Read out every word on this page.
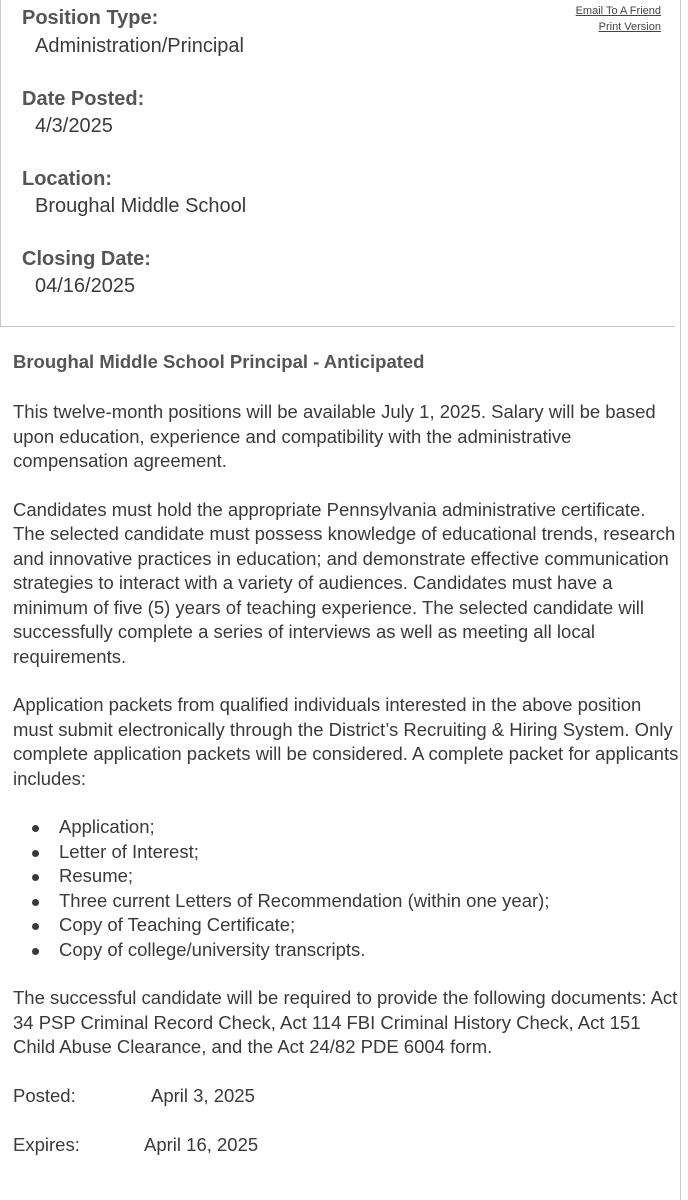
Email To A Friend
Print Version
Position Type:
Administration/Principal
Date Posted:
4/3/2025
Location:
Broughal Middle School
Closing Date:
04/16/2025
Broughal Middle School Principal - Anticipated

This twelve-month positions will be available July 1, 2025. Salary will be based upon education, experience and compatibility with the administrative compensation agreement.

Candidates must hold the appropriate Pennsylvania administrative certificate. The selected candidate must possess knowledge of educational trends, research and innovative practices in education; and demonstrate effective communication strategies to interact with a variety of audiences. Candidates must have a minimum of five (5) years of teaching experience. The selected candidate will successfully complete a series of interviews as well as meeting all local requirements.

Application packets from qualified individuals interested in the above position must submit electronically through the District’s Recruiting & Hiring System. Only complete application packets will be considered. A complete packet for applicants includes:

Application;
Letter of Interest;
Resume;
Three current Letters of Recommendation (within one year);
Copy of Teaching Certificate;
Copy of college/university transcripts.

The successful candidate will be required to provide the following documents: Act 34 PSP Criminal Record Check, Act 114 FBI Criminal History Check, Act 151 Child Abuse Clearance, and the Act 24/82 PDE 6004 form.

Posted:	April 3, 2025
Expires:	April 16, 2025
